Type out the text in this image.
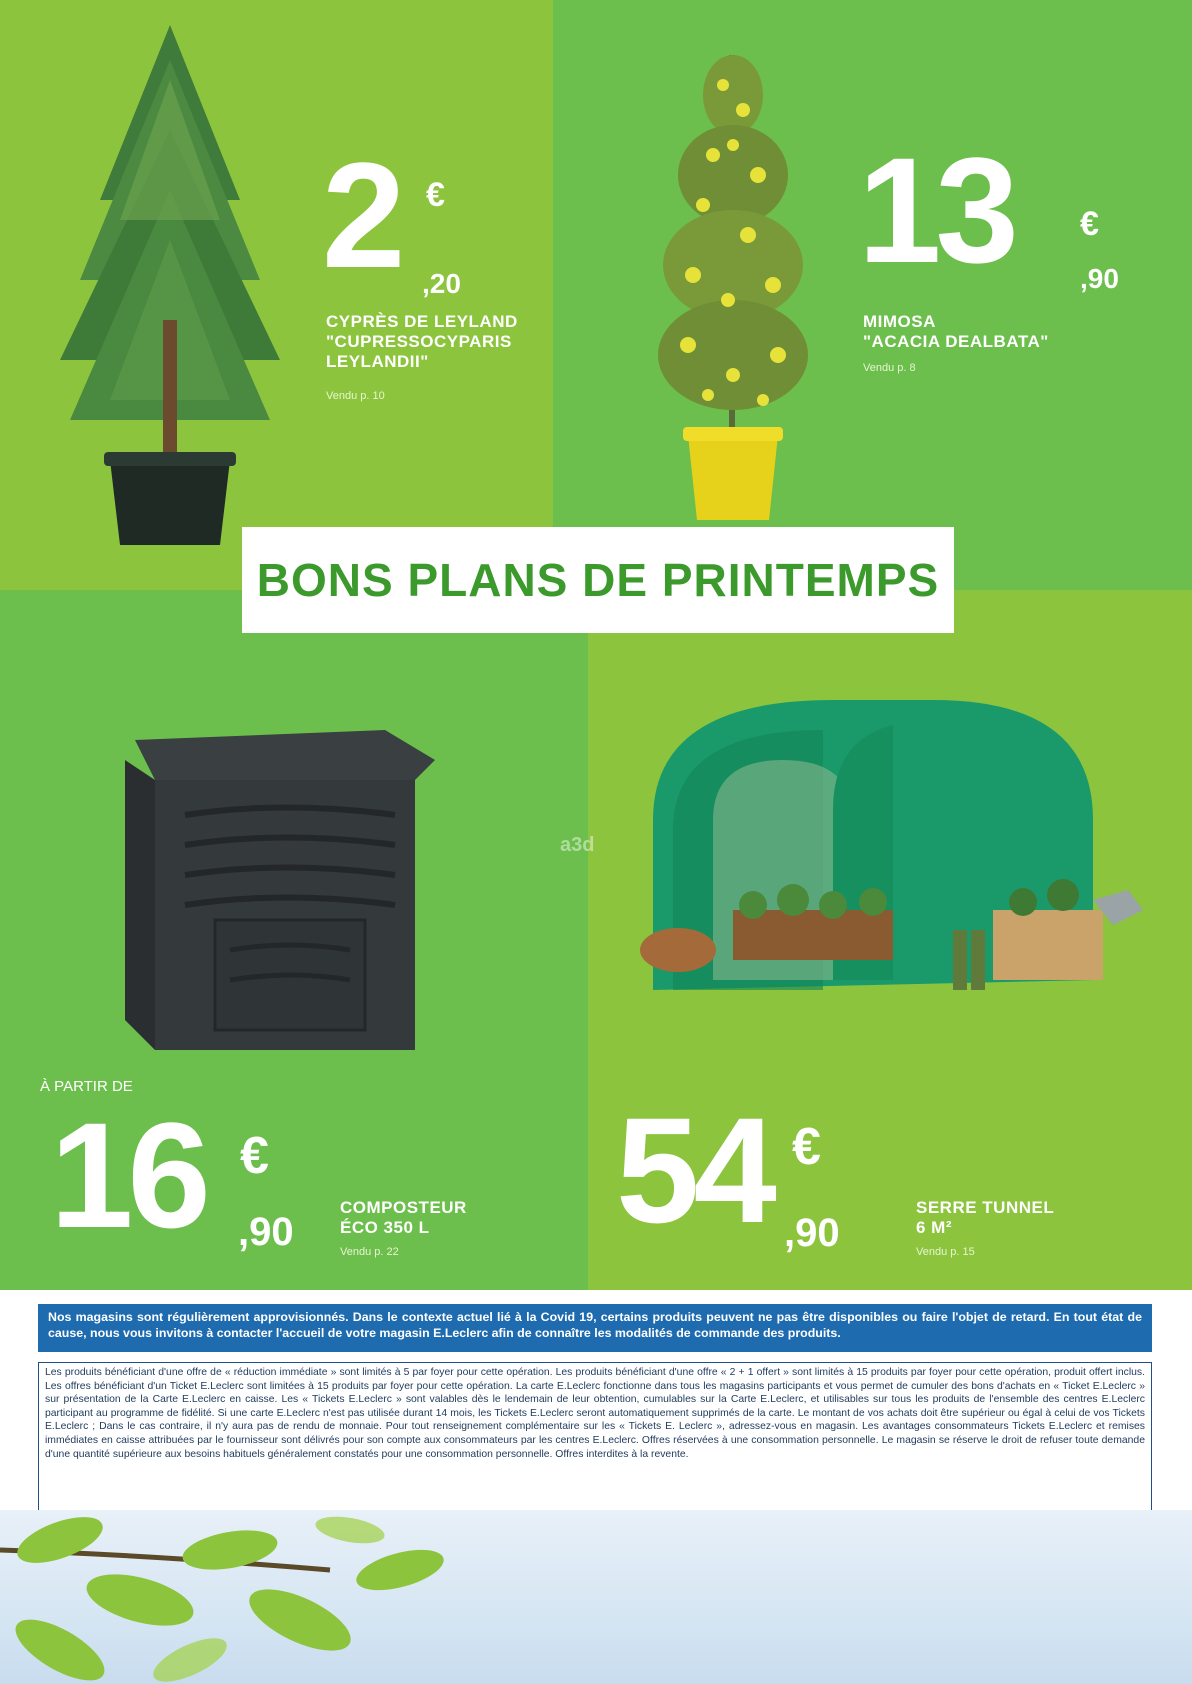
2 €
,20
CYPRÈS DE LEYLAND
"CUPRESSOCYPARIS
LEYLANDII"
Vendu p. 10
13 €
,90
MIMOSA
"ACACIA DEALBATA"
Vendu p. 8
À PARTIR DE
16 €
,90
COMPOSTEUR
ÉCO 350 L
Vendu p. 22 54 €
,90
SERRE TUNNEL
6 M²
Vendu p. 15
BONS PLANS DE PRINTEMPS
a3d
Nos magasins sont régulièrement approvisionnés. Dans le contexte actuel lié à la Covid 19, certains produits peuvent ne pas être disponibles ou faire l'objet de retard. En tout état de cause, nous vous invitons à contacter l'accueil de votre magasin E.Leclerc afin de connaître les modalités de commande des produits.
Les produits bénéficiant d'une offre de « réduction immédiate » sont limités à 5 par foyer pour cette opération. Les produits bénéficiant d'une offre « 2 + 1 offert » sont limités à 15 produits par foyer pour cette opération, produit offert inclus. Les offres bénéficiant d'un Ticket E.Leclerc sont limitées à 15 produits par foyer pour cette opération. La carte E.Leclerc fonctionne dans tous les magasins participants et vous permet de cumuler des bons d'achats en « Ticket E.Leclerc » sur présentation de la Carte E.Leclerc en caisse. Les « Tickets E.Leclerc » sont valables dès le lendemain de leur obtention, cumulables sur la Carte E.Leclerc, et utilisables sur tous les produits de l'ensemble des centres E.Leclerc participant au programme de fidélité. Si une carte E.Leclerc n'est pas utilisée durant 14 mois, les Tickets E.Leclerc seront automatiquement supprimés de la carte. Le montant de vos achats doit être supérieur ou égal à celui de vos Tickets E.Leclerc ; Dans le cas contraire, il n'y aura pas de rendu de monnaie. Pour tout renseignement complémentaire sur les « Tickets E. Leclerc », adressez-vous en magasin. Les avantages consommateurs Tickets E.Leclerc et remises immédiates en caisse attribuées par le fournisseur sont délivrés pour son compte aux consommateurs par les centres E.Leclerc. Offres réservées à une consommation personnelle. Le magasin se réserve le droit de refuser toute demande d'une quantité supérieure aux besoins habituels généralement constatés pour une consommation personnelle. Offres interdites à la revente.
